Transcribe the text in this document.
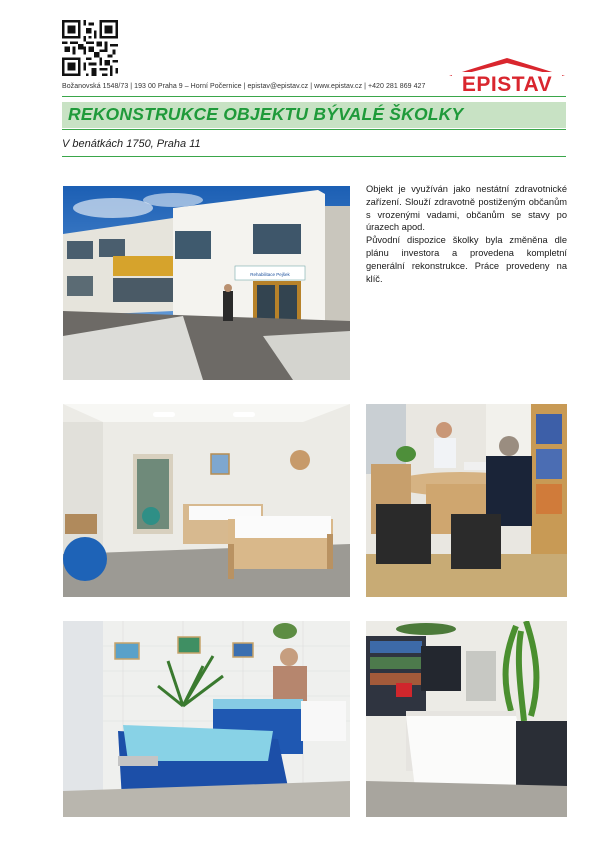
EPISTAV
Božanovská 1548/73 | 193 00 Praha 9 – Horní Počernice | epistav@epistav.cz | www.epistav.cz | +420 281 869 427
REKONSTRUKCE OBJEKTU BÝVALÉ ŠKOLKY
V benátkách 1750, Praha 11

Objekt je využíván jako nestátní zdravotnické zařízení. Slouží zdravotně postiženým občanům s vrozenými vadami, občanům se stavy po úrazech apod.

Původní dispozice školky byla změněna dle plánu investora a provedena kompletní generální rekonstrukce. Práce provedeny na klíč.

Rehabilitace Pejšek
